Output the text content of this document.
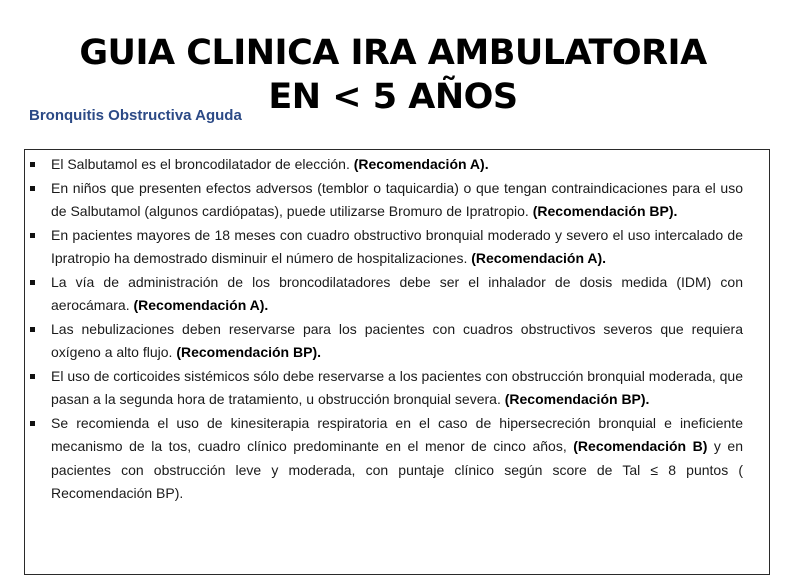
GUIA CLINICA IRA AMBULATORIA
EN < 5 AÑOS
Bronquitis Obstructiva Aguda
El Salbutamol es el broncodilatador de elección. (Recomendación A).
En niños que presenten efectos adversos (temblor o taquicardia) o que tengan contraindicaciones para el uso de Salbutamol (algunos cardiópatas), puede utilizarse Bromuro de Ipratropio. (Recomendación BP).
En pacientes mayores de 18 meses con cuadro obstructivo bronquial moderado y severo el uso intercalado de Ipratropio ha demostrado disminuir el número de hospitalizaciones. (Recomendación A).
La vía de administración de los broncodilatadores debe ser el inhalador de dosis medida (IDM) con aerocámara. (Recomendación A).
Las nebulizaciones deben reservarse para los pacientes con cuadros obstructivos severos que requiera oxígeno a alto flujo. (Recomendación BP).
El uso de corticoides sistémicos sólo debe reservarse a los pacientes con obstrucción bronquial moderada, que pasan a la segunda hora de tratamiento, u obstrucción bronquial severa. (Recomendación BP).
Se recomienda el uso de kinesiterapia respiratoria en el caso de hipersecreción bronquial e ineficiente mecanismo de la tos, cuadro clínico predominante en el menor de cinco años, (Recomendación B) y en pacientes con obstrucción leve y moderada, con puntaje clínico según score de Tal ≤ 8 puntos ( Recomendación BP).
